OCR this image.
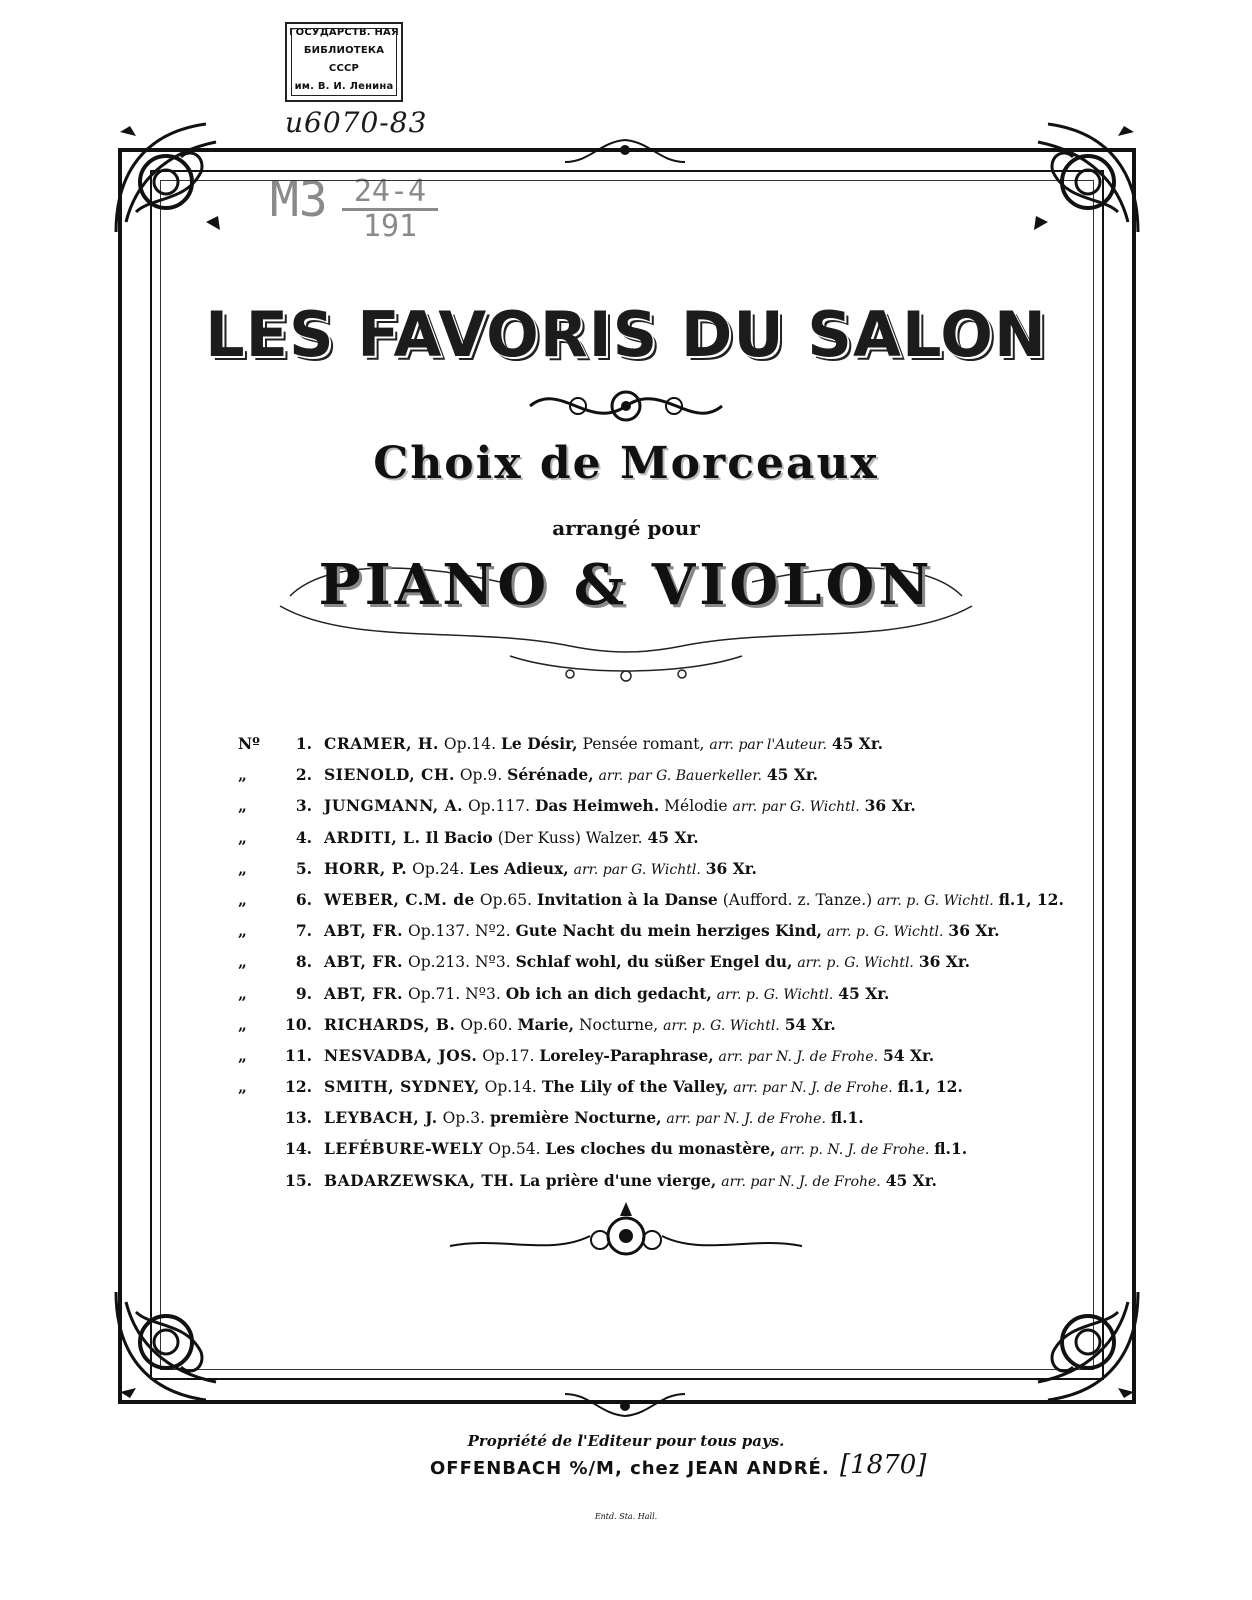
ГОСУДАРСТВ. НАЯ
БИБЛИОТЕКА
СССР
им. В. И. Ленина
u6070-83
$M3 \frac{24-4}{191}$
LES FAVORIS DU SALON
Choix de Morceaux
arrangé pour
PIANO & VIOLON
Nº	1. CRAMER, H. Op.14. Le Désir, Pensée romant, arr. par l'Auteur. 45 Xr.
„	2. SIENOLD, CH. Op.9. Sérénade, arr. par G. Bauerkeller. 45 Xr.
„	3. JUNGMANN, A. Op.117. Das Heimweh. Mélodie arr. par G. Wichtl. 36 Xr.
„	4. ARDITI, L. Il Bacio (Der Kuss) Walzer. 45 Xr.
„	5. HORR, P. Op.24. Les Adieux, arr. par G. Wichtl. 36 Xr.
„	6. WEBER, C.M. de Op.65. Invitation à la Danse (Aufford. z. Tanze.) arr. p. G. Wichtl. fl.1, 12.
„	7. ABT, FR. Op.137. Nº2. Gute Nacht du mein herziges Kind, arr. p. G. Wichtl. 36 Xr.
„	8. ABT, FR. Op.213. Nº3. Schlaf wohl, du süßer Engel du, arr. p. G. Wichtl. 36 Xr.
„	9. ABT, FR. Op.71. Nº3. Ob ich an dich gedacht, arr. p. G. Wichtl. 45 Xr.
„	10. RICHARDS, B. Op.60. Marie, Nocturne, arr. p. G. Wichtl. 54 Xr.
„	11. NESVADBA, JOS. Op.17. Loreley-Paraphrase, arr. par N. J. de Frohe. 54 Xr.
„	12. SMITH, SYDNEY, Op.14. The Lily of the Valley, arr. par N. J. de Frohe. fl.1, 12.
13. LEYBACH, J. Op.3. première Nocturne, arr. par N. J. de Frohe. fl.1.
14. LEFÉBURE-WELY Op.54. Les cloches du monastère, arr. p. N. J. de Frohe. fl.1.
15. BADARZEWSKA, TH. La prière d'une vierge, arr. par N. J. de Frohe. 45 Xr.
Propriété de l'Editeur pour tous pays.
OFFENBACH %/M, chez JEAN ANDRÉ. [1870]
Entd. Sta. Hall.
